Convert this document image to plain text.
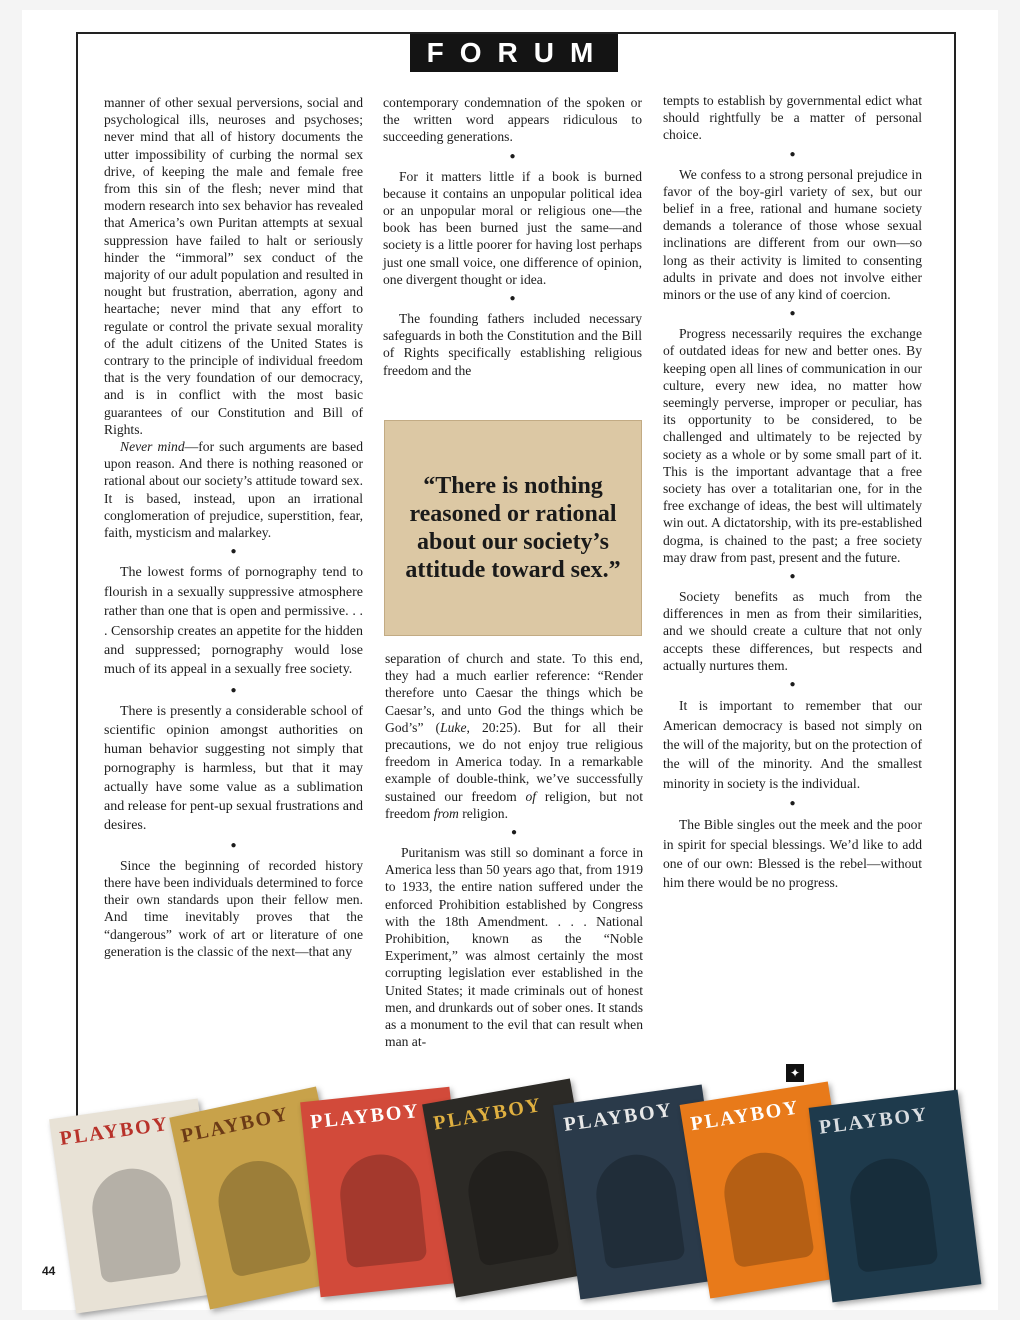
FORUM

manner of other sexual perversions, social and psychological ills, neuroses and psychoses; never mind that all of history documents the utter impossibility of curbing the normal sex drive, of keeping the male and female free from this sin of the flesh; never mind that modern research into sex behavior has revealed that America’s own Puritan attempts at sexual suppression have failed to halt or seriously hinder the “immoral” sex conduct of the majority of our adult population and resulted in nought but frustration, aberration, agony and heartache; never mind that any effort to regulate or control the private sexual morality of the adult citizens of the United States is contrary to the principle of individual freedom that is the very foundation of our democracy, and is in conflict with the most basic guarantees of our Constitution and Bill of Rights.

Never mind—for such arguments are based upon reason. And there is nothing reasoned or rational about our society’s attitude toward sex. It is based, instead, upon an irrational conglomeration of prejudice, superstition, fear, faith, mysticism and malarkey.

●

The lowest forms of pornography tend to flourish in a sexually suppressive atmosphere rather than one that is open and permissive. . . . Censorship creates an appetite for the hidden and suppressed; pornography would lose much of its appeal in a sexually free society.

●

There is presently a considerable school of scientific opinion amongst authorities on human behavior suggesting not simply that pornography is harmless, but that it may actually have some value as a sublimation and release for pent-up sexual frustrations and desires.

●

Since the beginning of recorded history there have been individuals determined to force their own standards upon their fellow men. And time inevitably proves that the “dangerous” work of art or literature of one generation is the classic of the next—that any

contemporary condemnation of the spoken or the written word appears ridiculous to succeeding generations.

●

For it matters little if a book is burned because it contains an unpopular political idea or an unpopular moral or religious one—the book has been burned just the same—and society is a little poorer for having lost perhaps just one small voice, one difference of opinion, one divergent thought or idea.

●

The founding fathers included necessary safeguards in both the Constitution and the Bill of Rights specifically establishing religious freedom and the

“There is nothing reasoned or rational about our society’s attitude toward sex.”

separation of church and state. To this end, they had a much earlier reference: “Render therefore unto Caesar the things which be Caesar’s, and unto God the things which be God’s” (Luke, 20:25). But for all their precautions, we do not enjoy true religious freedom in America today. In a remarkable example of double-think, we’ve successfully sustained our freedom of religion, but not freedom from religion.

●

Puritanism was still so dominant a force in America less than 50 years ago that, from 1919 to 1933, the entire nation suffered under the enforced Prohibition established by Congress with the 18th Amendment. . . . National Prohibition, known as the “Noble Experiment,” was almost certainly the most corrupting legislation ever established in the United States; it made criminals out of honest men, and drunkards out of sober ones. It stands as a monument to the evil that can result when man at-

tempts to establish by governmental edict what should rightfully be a matter of personal choice.

●

We confess to a strong personal prejudice in favor of the boy-girl variety of sex, but our belief in a free, rational and humane society demands a tolerance of those whose sexual inclinations are different from our own—so long as their activity is limited to consenting adults in private and does not involve either minors or the use of any kind of coercion.

●

Progress necessarily requires the exchange of outdated ideas for new and better ones. By keeping open all lines of communication in our culture, every new idea, no matter how seemingly perverse, improper or peculiar, has its opportunity to be considered, to be challenged and ultimately to be rejected by society as a whole or by some small part of it. This is the important advantage that a free society has over a totalitarian one, for in the free exchange of ideas, the best will ultimately win out. A dictatorship, with its pre-established dogma, is chained to the past; a free society may draw from past, present and the future.

●

Society benefits as much from the differences in men as from their similarities, and we should create a culture that not only accepts these differences, but respects and actually nurtures them.

●

It is important to remember that our American democracy is based not simply on the will of the majority, but on the protection of the will of the minority. And the smallest minority in society is the individual.

●

The Bible singles out the meek and the poor in spirit for special blessings. We’d like to add one of our own: Blessed is the rebel—without him there would be no progress.

✦
44
PLAYBOY PLAYBOY PLAYBOY PLAYBOY PLAYBOY PLAYBOY PLAYBOY
